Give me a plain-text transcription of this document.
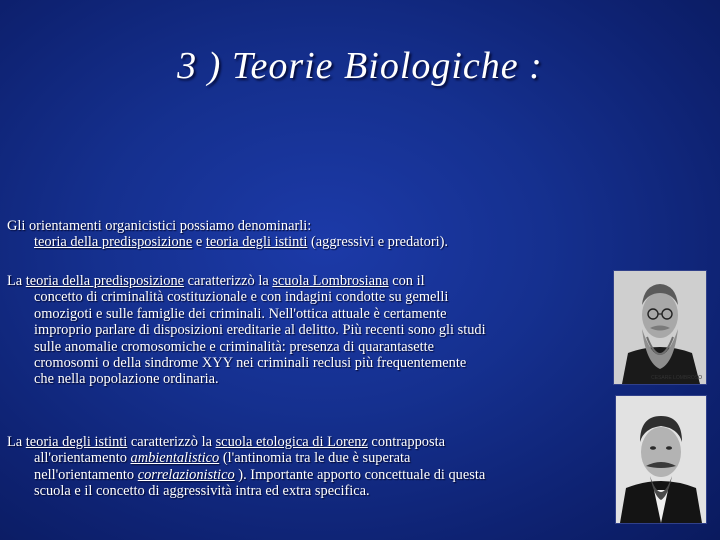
3 ) Teorie Biologiche :
Gli orientamenti organicistici possiamo denominarli:
teoria della predisposizione e teoria degli istinti (aggressivi e predatori).
La teoria della predisposizione caratterizzò la scuola Lombrosiana con il
concetto di criminalità costituzionale e con indagini condotte su gemelli
omozigoti e sulle famiglie dei criminali. Nell'ottica attuale è certamente
improprio parlare di disposizioni ereditarie al delitto. Più recenti sono gli studi
sulle anomalie cromosomiche e criminalità: presenza di quarantasette
cromosomi o della sindrome XYY nei criminali reclusi più frequentemente
che nella popolazione ordinaria.
La teoria degli istinti caratterizzò la scuola etologica di Lorenz contrapposta
all'orientamento ambientalistico (l'antinomia tra le due è superata
nell'orientamento correlazionistico ). Importante apporto concettuale di questa
scuola e il concetto di aggressività intra ed extra specifica.
CESARE LOMBROSO
